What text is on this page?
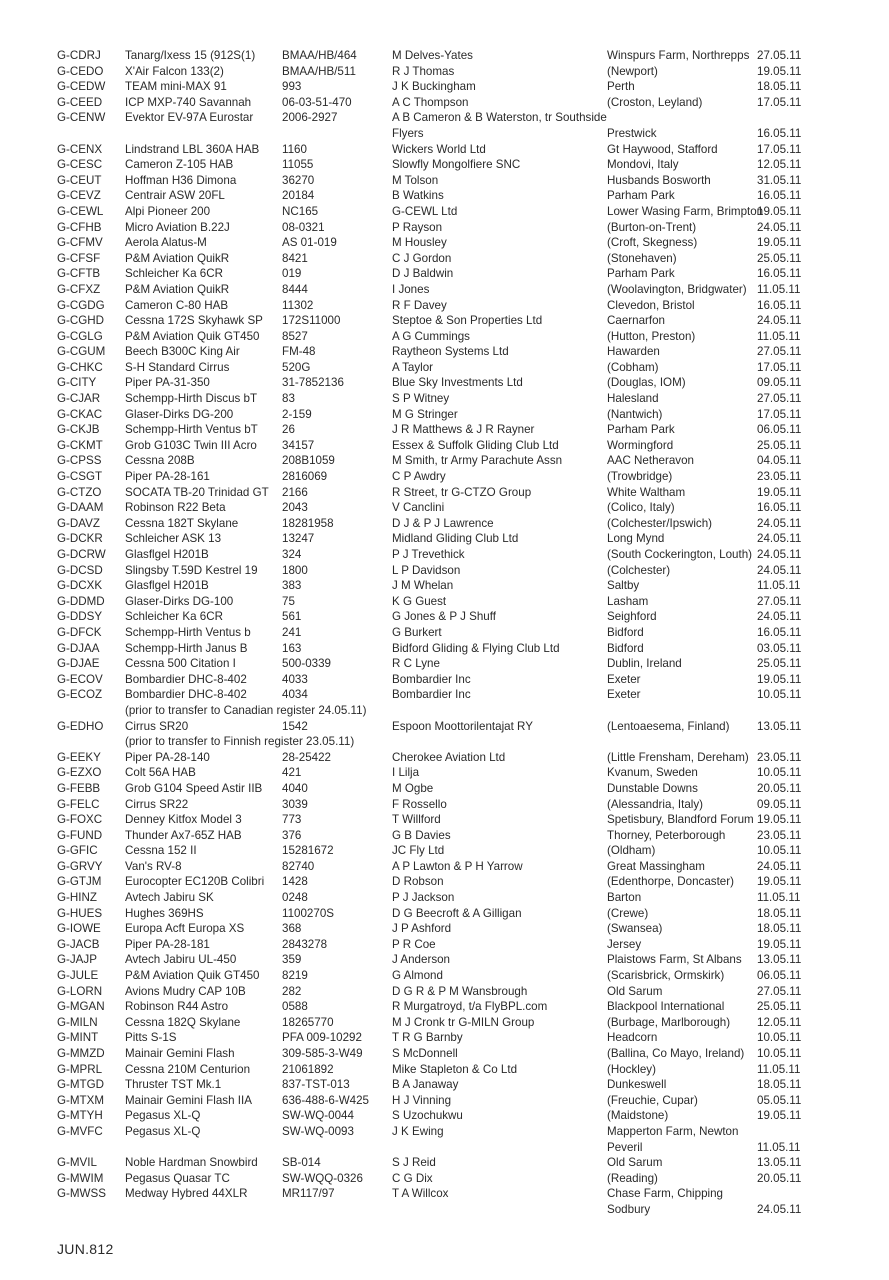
G-CDRJ	Tanarg/Ixess 15 (912S(1)	BMAA/HB/464	M Delves-Yates	Winspurs Farm, Northrepps 27.05.11
G-CEDO	X'Air Falcon 133(2)	BMAA/HB/511	R J Thomas	(Newport)	19.05.11
G-CEDW	TEAM mini-MAX 91	993	J K Buckingham	Perth	18.05.11
G-CEED	ICP MXP-740 Savannah	06-03-51-470	A C Thompson	(Croston, Leyland)	17.05.11
G-CENW	Evektor EV-97A Eurostar	2006-2927	A B Cameron & B Waterston, tr Southside
Flyers	Prestwick	16.05.11
G-CENX	Lindstrand LBL 360A HAB	1160	Wickers World Ltd	Gt Haywood, Stafford	17.05.11
G-CESC	Cameron Z-105 HAB	11055	Slowfly Mongolfiere SNC	Mondovi, Italy	12.05.11
G-CEUT	Hoffman H36 Dimona	36270	M Tolson	Husbands Bosworth	31.05.11
G-CEVZ	Centrair ASW 20FL	20184	B Watkins	Parham Park	16.05.11
G-CEWL	Alpi Pioneer 200	NC165	G-CEWL Ltd	Lower Wasing Farm, Brimpton
19.05.11
G-CFHB	Micro Aviation B.22J	08-0321	P Rayson	(Burton-on-Trent)	24.05.11
G-CFMV	Aerola Alatus-M	AS 01-019	M Housley	(Croft, Skegness)	19.05.11
G-CFSF	P&M Aviation QuikR	8421	C J Gordon	(Stonehaven)	25.05.11
G-CFTB	Schleicher Ka 6CR	019	D J Baldwin	Parham Park	16.05.11
G-CFXZ	P&M Aviation QuikR	8444	I Jones	(Woolavington, Bridgwater) 11.05.11
G-CGDG	Cameron C-80 HAB	11302	R F Davey	Clevedon, Bristol	16.05.11
G-CGHD	Cessna 172S Skyhawk SP	172S11000	Steptoe & Son Properties Ltd	Caernarfon	24.05.11
G-CGLG	P&M Aviation Quik GT450	8527	A G Cummings	(Hutton, Preston)	11.05.11
G-CGUM	Beech B300C King Air	FM-48	Raytheon Systems Ltd	Hawarden	27.05.11
G-CHKC	S-H Standard Cirrus	520G	A Taylor	(Cobham)	17.05.11
G-CITY	Piper PA-31-350	31-7852136	Blue Sky Investments Ltd	(Douglas, IOM)	09.05.11
G-CJAR	Schempp-Hirth Discus bT	83	S P Witney	Halesland	27.05.11
G-CKAC	Glaser-Dirks DG-200	2-159	M G Stringer	(Nantwich)	17.05.11
G-CKJB	Schempp-Hirth Ventus bT	26	J R Matthews & J R Rayner	Parham Park	06.05.11
G-CKMT	Grob G103C Twin III Acro	34157	Essex & Suffolk Gliding Club Ltd	Wormingford	25.05.11
G-CPSS	Cessna 208B	208B1059	M Smith, tr Army Parachute Assn	AAC Netheravon	04.05.11
G-CSGT	Piper PA-28-161	2816069	C P Awdry	(Trowbridge)	23.05.11
G-CTZO	SOCATA TB-20 Trinidad GT	2166	R Street, tr G-CTZO Group	White Waltham	19.05.11
G-DAAM	Robinson R22 Beta	2043	V Canclini	(Colico, Italy)	16.05.11
G-DAVZ	Cessna 182T Skylane	18281958	D J & P J Lawrence	(Colchester/Ipswich)	24.05.11
G-DCKR	Schleicher ASK 13	13247	Midland Gliding Club Ltd	Long Mynd	24.05.11
G-DCRW	Glasflgel H201B	324	P J Trevethick	(South Cockerington, Louth) 24.05.11
G-DCSD	Slingsby T.59D Kestrel 19	1800	L P Davidson	(Colchester)	24.05.11
G-DCXK	Glasflgel H201B	383	J M Whelan	Saltby	11.05.11
G-DDMD	Glaser-Dirks DG-100	75	K G Guest	Lasham	27.05.11
G-DDSY	Schleicher Ka 6CR	561	G Jones & P J Shuff	Seighford	24.05.11
G-DFCK	Schempp-Hirth Ventus b	241	G Burkert	Bidford	16.05.11
G-DJAA	Schempp-Hirth Janus B	163	Bidford Gliding & Flying Club Ltd	Bidford	03.05.11
G-DJAE	Cessna 500 Citation I	500-0339	R C Lyne	Dublin, Ireland	25.05.11
G-ECOV	Bombardier DHC-8-402	4033	Bombardier Inc	Exeter	19.05.11
G-ECOZ	Bombardier DHC-8-402	4034	Bombardier Inc	Exeter	10.05.11
(prior to transfer to Canadian register 24.05.11)
G-EDHO	Cirrus SR20	1542	Espoon Moottorilentajat RY	(Lentoaesema, Finland)	13.05.11
(prior to transfer to Finnish register 23.05.11)
G-EEKY	Piper PA-28-140	28-25422	Cherokee Aviation Ltd	(Little Frensham, Dereham) 23.05.11
G-EZXO	Colt 56A HAB	421	I Lilja	Kvanum, Sweden	10.05.11
G-FEBB	Grob G104 Speed Astir IIB	4040	M Ogbe	Dunstable Downs	20.05.11
G-FELC	Cirrus SR22	3039	F Rossello	(Alessandria, Italy)	09.05.11
G-FOXC	Denney Kitfox Model 3	773	T Willford	Spetisbury, Blandford Forum 19.05.11
G-FUND	Thunder Ax7-65Z HAB	376	G B Davies	Thorney, Peterborough	23.05.11
G-GFIC	Cessna 152 II	15281672	JC Fly Ltd	(Oldham)	10.05.11
G-GRVY	Van's RV-8	82740	A P Lawton & P H Yarrow	Great Massingham	24.05.11
G-GTJM	Eurocopter EC120B Colibri	1428	D Robson	(Edenthorpe, Doncaster)	19.05.11
G-HINZ	Avtech Jabiru SK	0248	P J Jackson	Barton	11.05.11
G-HUES	Hughes 369HS	1100270S	D G Beecroft & A Gilligan	(Crewe)	18.05.11
G-IOWE	Europa Acft Europa XS	368	J P Ashford	(Swansea)	18.05.11
G-JACB	Piper PA-28-181	2843278	P R Coe	Jersey	19.05.11
G-JAJP	Avtech Jabiru UL-450	359	J Anderson	Plaistows Farm, St Albans	13.05.11
G-JULE	P&M Aviation Quik GT450	8219	G Almond	(Scarisbrick, Ormskirk)	06.05.11
G-LORN	Avions Mudry CAP 10B	282	D G R & P M Wansbrough	Old Sarum	27.05.11
G-MGAN	Robinson R44 Astro	0588	R Murgatroyd, t/a FlyBPL.com	Blackpool International	25.05.11
G-MILN	Cessna 182Q Skylane	18265770	M J Cronk tr G-MILN Group	(Burbage, Marlborough)	12.05.11
G-MINT	Pitts S-1S	PFA 009-10292	T R G Barnby	Headcorn	10.05.11
G-MMZD	Mainair Gemini Flash	309-585-3-W49	S McDonnell	(Ballina, Co Mayo, Ireland)	10.05.11
G-MPRL	Cessna 210M Centurion	21061892	Mike Stapleton & Co Ltd	(Hockley)	11.05.11
G-MTGD	Thruster TST Mk.1	837-TST-013	B A Janaway	Dunkeswell	18.05.11
G-MTXM	Mainair Gemini Flash IIA	636-488-6-W425	H J Vinning	(Freuchie, Cupar)	05.05.11
G-MTYH	Pegasus XL-Q	SW-WQ-0044	S Uzochukwu	(Maidstone)	19.05.11
G-MVFC	Pegasus XL-Q	SW-WQ-0093	J K Ewing	Mapperton Farm, Newton
Peveril	11.05.11
G-MVIL	Noble Hardman Snowbird	SB-014	S J Reid	Old Sarum	13.05.11
G-MWIM	Pegasus Quasar TC	SW-WQQ-0326	C G Dix	(Reading)	20.05.11
G-MWSS	Medway Hybred 44XLR	MR117/97	T A Willcox	Chase Farm, Chipping
Sodbury	24.05.11
JUN.812
